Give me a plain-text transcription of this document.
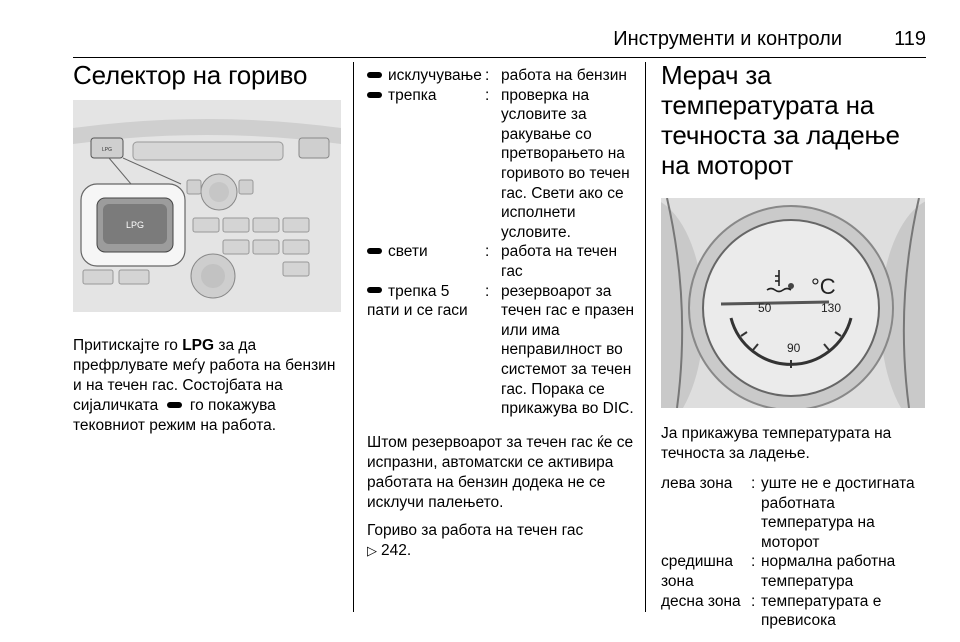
Инструменти и контроли	119
Селектор на гориво
LPG
LPG

Притискајте го LPG за да префрлувате меѓу работа на бензин и на течен гас. Состојбата на сијаличката  го покажува тековниот режим на работа.

исклучување	:	работа на бензин
трепка	:	проверка на условите за ракување со претворањето на горивото во течен гас. Свети ако се исполнети условите.
свети	:	работа на течен гас
трепка 5 пати и се гаси	:	резервоарот за течен гас е празен или има неправилност во системот за течен гас. Порака се прикажува во DIC.

Штом резервоарот за течен гас ќе се испразни, автоматски се активира работата на бензин додека не се исклучи палењето.

Гориво за работа на течен гас
▷ 242.

Мерач за температурата на течноста за ладење на моторот
°C
50
90
130

Ја прикажува температурата на течноста за ладење.

лева зона	:	уште не е достигната работната температура на моторот
средишна зона	:	нормална работна температура
десна зона	:	температурата е превисока
